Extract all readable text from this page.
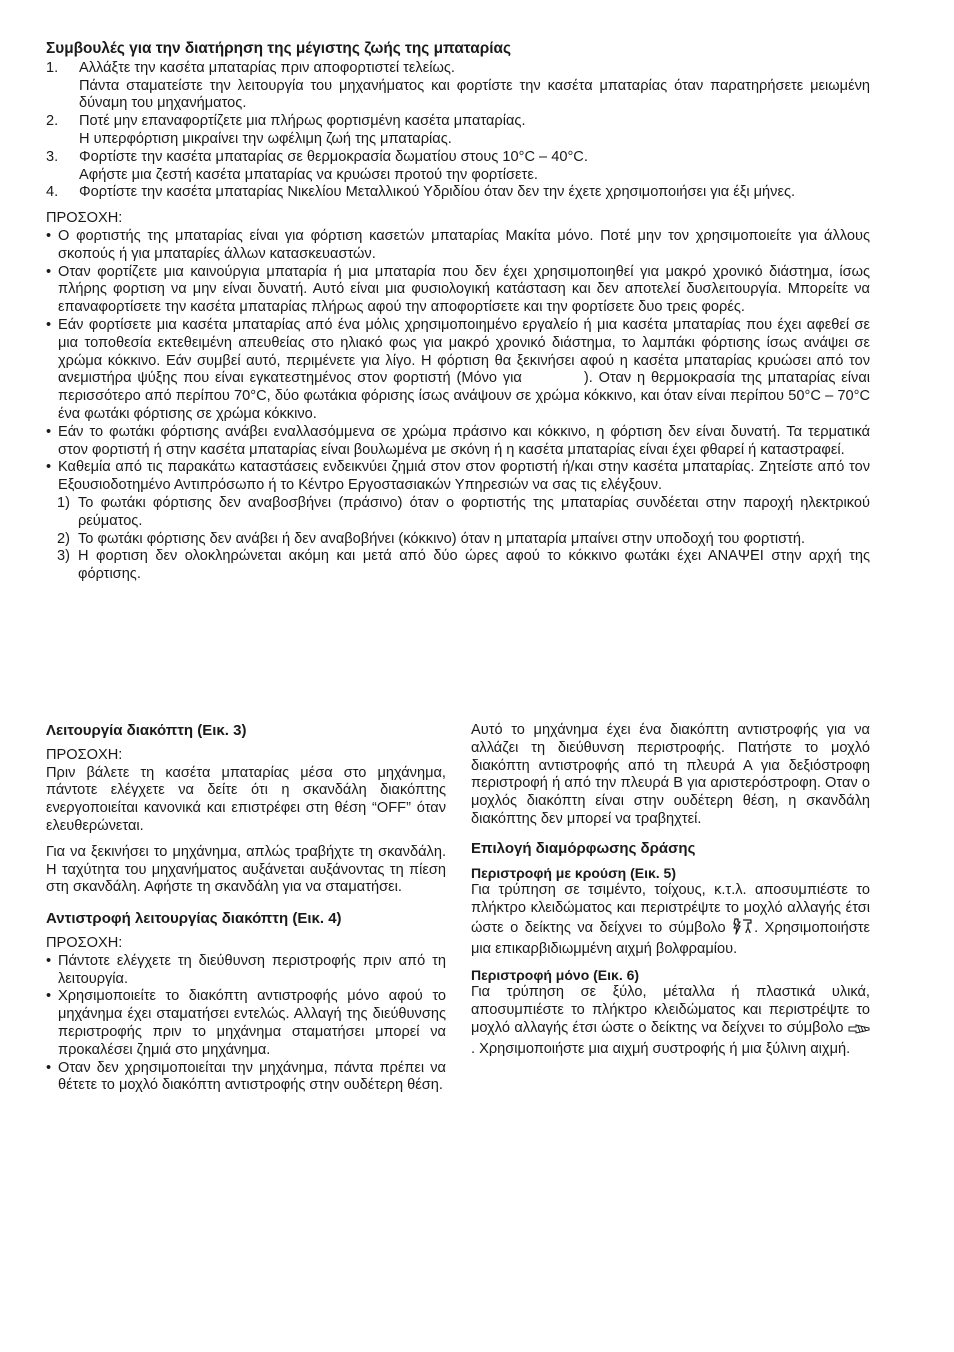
Συμβουλές για την διατήρηση της μέγιστης ζωής της μπαταρίας

1. Αλλάξτε την κασέτα μπαταρίας πριν αποφορτιστεί τελείως.

Πάντα σταματείστε την λειτουργία του μηχανήματος και φορτίστε την κασέτα μπαταρίας όταν παρατηρήσετε μειωμένη δύναμη του μηχανήματος.

2. Ποτέ μην επαναφορτίζετε μια πλήρως φορτισμένη κασέτα μπαταρίας.

Η υπερφόρτιση μικραίνει την ωφέλιμη ζωή της μπαταρίας.

3. Φορτίστε την κασέτα μπαταρίας σε θερμοκρασία δωματίου στους 10°C – 40°C.

Αφήστε μια ζεστή κασέτα μπαταρίας να κρυώσει προτού την φορτίσετε.

4. Φορτίστε την κασέτα μπαταρίας Νικελίου Μεταλλικού Υδριδίου όταν δεν την έχετε χρησιμοποιήσει για έξι μήνες.

ΠΡΟΣΟΧΗ:

• Ο φορτιστής της μπαταρίας είναι για φόρτιση κασετών μπαταρίας Μακίτα μόνο. Ποτέ μην τον χρησιμοποιείτε για άλλους σκοπούς ή για μπαταρίες άλλων κατασκευαστών.

• Οταν φορτίζετε μια καινούργια μπαταρία ή μια μπαταρία που δεν έχει χρησιμοποιηθεί για μακρό χρονικό διάστημα, ίσως πλήρης φορτιση να μην είναι δυνατή. Αυτό είναι μια φυσιολογική κατάσταση και δεν αποτελεί δυσλειτουργία. Μπορείτε να επαναφορτίσετε την κασέτα μπαταρίας πλήρως αφού την αποφορτίσετε και την φορτίσετε δυο τρεις φορές.

• Εάν φορτίσετε μια κασέτα μπαταρίας από ένα μόλις χρησιμοποιημένο εργαλείο ή μια κασέτα μπαταρίας που έχει αφεθεί σε μια τοποθεσία εκτεθειμένη απευθείας στο ηλιακό φως για μακρό χρονικό διάστημα, το λαμπάκι φόρτισης ίσως ανάψει σε χρώμα κόκκινο. Εάν συμβεί αυτό, περιμένετε για λίγο. Η φόρτιση θα ξεκινήσει αφού η κασέτα μπαταρίας κρυώσει από τον ανεμιστήρα ψύξης που είναι εγκατεστημένος στον φορτιστή (Μόνο για	). Οταν η θερμοκρασία της μπαταρίας είναι περισσότερο από περίπου 70°C, δύο φωτάκια φόρισης ίσως ανάψουν σε χρώμα κόκκινο, και όταν είναι περίπου 50°C – 70°C ένα φωτάκι φόρτισης σε χρώμα κόκκινο.

• Εάν το φωτάκι φόρτισης ανάβει εναλλασόμμενα σε χρώμα πράσινο και κόκκινο, η φόρτιση δεν είναι δυνατή. Τα τερματικά στον φορτιστή ή στην κασέτα μπαταρίας είναι βουλωμένα με σκόνη ή η κασέτα μπαταρίας είναι έχει φθαρεί ή καταστραφεί.

• Καθεμία από τις παρακάτω καταστάσεις ενδεικνύει ζημιά στον στον φορτιστή ή/και στην κασέτα μπαταρίας. Ζητείστε από τον Εξουσιοδοτημένο Αντιπρόσωπο ή το Κέντρο Εργοστασιακών Υπηρεσιών να σας τις ελέγξουν.

1) Το φωτάκι φόρτισης δεν αναβοσβήνει (πράσινο) όταν ο φορτιστής της μπαταρίας συνδέεται στην παροχή ηλεκτρικού ρεύματος.

2) Το φωτάκι φόρτισης δεν ανάβει ή δεν αναβοβήνει (κόκκινο) όταν η μπαταρία μπαίνει στην υποδοχή του φορτιστή.

3) Η φορτιση δεν ολοκληρώνεται ακόμη και μετά από δύο ώρες αφού το κόκκινο φωτάκι έχει ΑΝΑΨΕΙ στην αρχή της φόρτισης.

Λειτουργία διακόπτη (Εικ. 3)

ΠΡΟΣΟΧΗ:

Πριν βάλετε τη κασέτα μπαταρίας μέσα στο μηχάνημα, πάντοτε ελέγχετε να δείτε ότι η σκανδάλη διακόπτης ενεργοποιείται κανονικά και επιστρέφει στη θέση “OFF” όταν ελευθερώνεται.

Για να ξεκινήσει το μηχάνημα, απλώς τραβήχτε τη σκανδάλη. Η ταχύτητα του μηχανήματος αυξάνεται αυξάνοντας τη πίεση στη σκανδάλη. Αφήστε τη σκανδάλη για να σταματήσει.

Αντιστροφή λειτουργίας διακόπτη (Εικ. 4)

ΠΡΟΣΟΧΗ:

• Πάντοτε ελέγχετε τη διεύθυνση περιστροφής πριν από τη λειτουργία.

• Χρησιμοποιείτε το διακόπτη αντιστροφής μόνο αφού το μηχάνημα έχει σταματήσει εντελώς. Αλλαγή της διεύθυνσης περιστροφής πριν το μηχάνημα σταματήσει μπορεί να προκαλέσει ζημιά στο μηχάνημα.

• Οταν δεν χρησιμοποιείται την μηχάνημα, πάντα πρέπει να θέτετε το μοχλό διακόπτη αντιστροφής στην ουδέτερη θέση.

Αυτό το μηχάνημα έχει ένα διακόπτη αντιστροφής για να αλλάζει τη διεύθυνση περιστροφής. Πατήστε το μοχλό διακόπτη αντιστροφής από τη πλευρά Α για δεξιόστροφη περιστροφή ή από την πλευρά Β για αριστερόστροφη. Οταν ο μοχλός διακόπτη είναι στην ουδέτερη θέση, η σκανδάλη διακόπτης δεν μπορεί να τραβηχτεί.

Επιλογή διαμόρφωσης δράσης

Περιστροφή με κρούση (Εικ. 5)

Για τρύπηση σε τσιμέντο, τοίχους, κ.τ.λ. αποσυμπιέστε το πλήκτρο κλειδώματος και περιστρέψτε το μοχλό αλλαγής έτσι ώστε ο δείκτης να δείχνει το σύμβολο . Χρησιμοποιήστε μια επικαρβιδιωμμένη αιχμή βολφραμίου.

Περιστροφή μόνο (Εικ. 6)

Για τρύπηση σε ξύλο, μέταλλα ή πλαστικά υλικά, αποσυμπιέστε το πλήκτρο κλειδώματος και περιστρέψτε το μοχλό αλλαγής έτσι ώστε ο δείκτης να δείχνει το σύμβολο . Χρησιμοποιήστε μια αιχμή συστροφής ή μια ξύλινη αιχμή.
